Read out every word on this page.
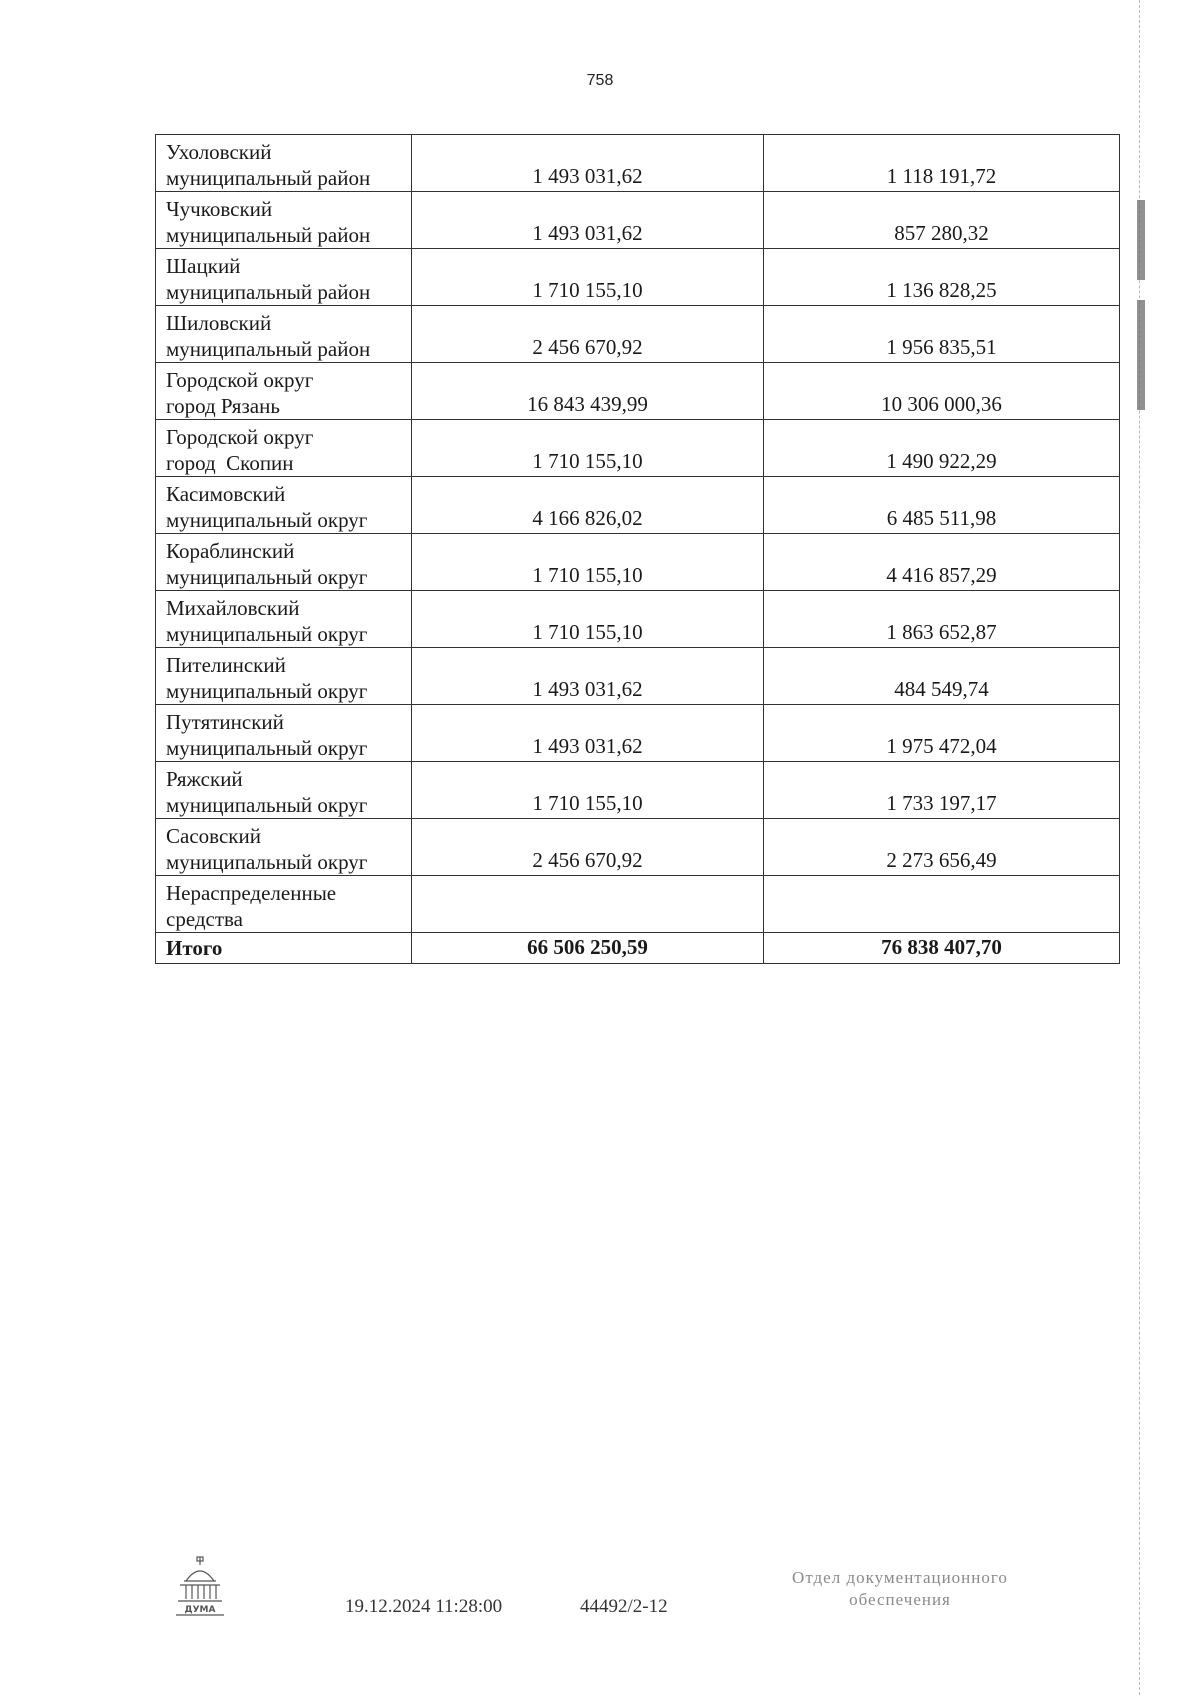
758
Ухоловский
муниципальный район	1 493 031,62	1 118 191,72

Чучковский
муниципальный район	1 493 031,62	857 280,32

Шацкий
муниципальный район	1 710 155,10	1 136 828,25

Шиловский
муниципальный район	2 456 670,92	1 956 835,51

Городской округ
город Рязань	16 843 439,99	10 306 000,36

Городской округ
город  Скопин	1 710 155,10	1 490 922,29

Касимовский
муниципальный округ	4 166 826,02	6 485 511,98

Кораблинский
муниципальный округ	1 710 155,10	4 416 857,29

Михайловский
муниципальный округ	1 710 155,10	1 863 652,87

Пителинский
муниципальный округ	1 493 031,62	484 549,74

Путятинский
муниципальный округ	1 493 031,62	1 975 472,04

Ряжский
муниципальный округ	1 710 155,10	1 733 197,17

Сасовский
муниципальный округ	2 456 670,92	2 273 656,49

Нераспределенные
средства		

Итого	66 506 250,59	76 838 407,70
ДУМА	19.12.2024 11:28:00	44492/2-12
Отдел документационного
обеспечения
